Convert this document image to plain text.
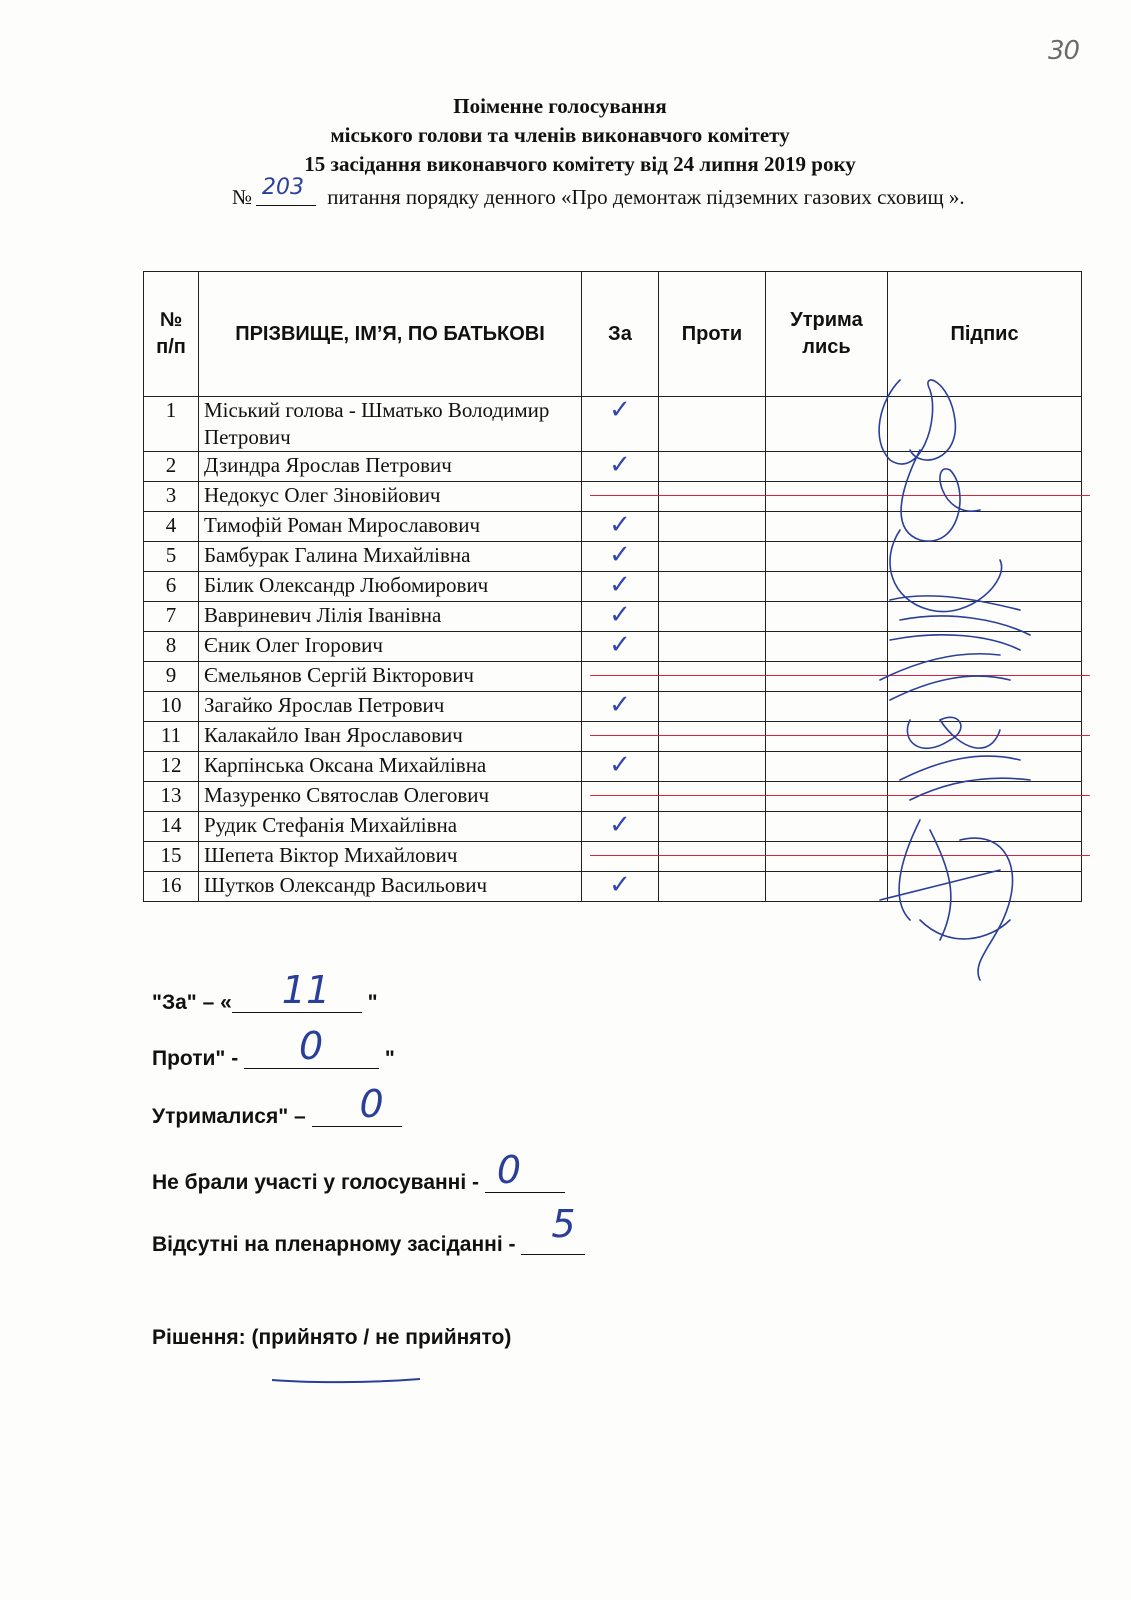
30
Поіменне голосування
міського голови та членів виконавчого комітету
15 засідання виконавчого комітету від 24 липня 2019 року
№ 203 питання порядку денного «Про демонтаж підземних газових сховищ ».
№ п/п	ПРІЗВИЩЕ, ІМ’Я, ПО БАТЬКОВІ	За	Проти	Утрима лись	Підпис
1	Міський голова - Шматько Володимир Петрович	✓			
2	Дзиндра Ярослав Петрович	✓			
3	Недокус Олег Зіновійович				
4	Тимофій Роман Мирославович	✓			
5	Бамбурак Галина Михайлівна	✓			
6	Білик Олександр Любомирович	✓			
7	Вавриневич Лілія Іванівна	✓			
8	Єник Олег Ігорович	✓			
9	Ємельянов Сергій Вікторович				
10	Загайко Ярослав Петрович	✓			
11	Калакайло Іван Ярославович				
12	Карпінська Оксана Михайлівна	✓			
13	Мазуренко Святослав Олегович				
14	Рудик Стефанія Михайлівна	✓			
15	Шепета Віктор Михайлович				
16	Шутков Олександр Васильович	✓			
"За" – « 11 "
Проти" - 0	"
Утрималися" – 0
Не брали участі у голосуванні - 0
Відсутні на пленарному засіданні - 5
Рішення: (прийнято / не прийнято)
